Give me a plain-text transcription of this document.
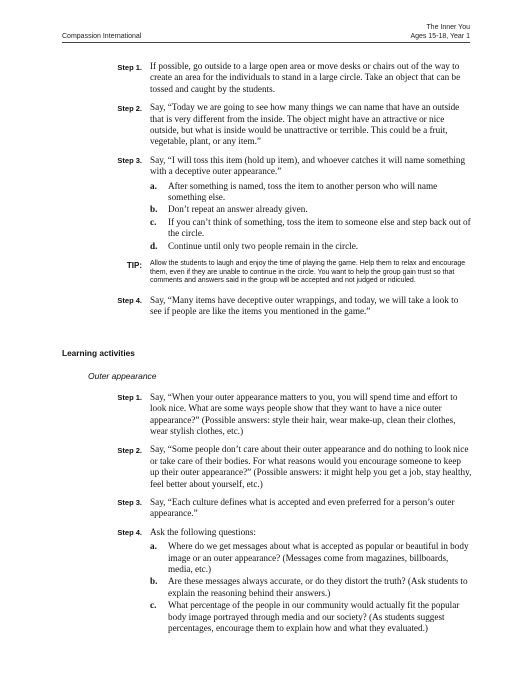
Compassion International
The Inner You
Ages 15-18, Year 1
Step 1. If possible, go outside to a large open area or move desks or chairs out of the way to create an area for the individuals to stand in a large circle. Take an object that can be tossed and caught by the students.
Step 2. Say, “Today we are going to see how many things we can name that have an outside that is very different from the inside. The object might have an attractive or nice outside, but what is inside would be unattractive or terrible. This could be a fruit, vegetable, plant, or any item.”
Step 3. Say, “I will toss this item (hold up item), and whoever catches it will name something with a deceptive outer appearance.”
a.	After something is named, toss the item to another person who will name something else.
b.	Don’t repeat an answer already given.
c.	If you can’t think of something, toss the item to someone else and step back out of the circle.
d.	Continue until only two people remain in the circle.
TIP:	Allow the students to laugh and enjoy the time of playing the game. Help them to relax and encourage them, even if they are unable to continue in the circle. You want to help the group gain trust so that comments and answers said in the group will be accepted and not judged or ridiculed.
Step 4. Say, “Many items have deceptive outer wrappings, and today, we will take a look to see if people are like the items you mentioned in the game.”
Learning activities
Outer appearance
Step 1. Say, “When your outer appearance matters to you, you will spend time and effort to look nice. What are some ways people show that they want to have a nice outer appearance?” (Possible answers: style their hair, wear make-up, clean their clothes, wear stylish clothes, etc.)
Step 2. Say, “Some people don’t care about their outer appearance and do nothing to look nice or take care of their bodies. For what reasons would you encourage someone to keep up their outer appearance?” (Possible answers: it might help you get a job, stay healthy, feel better about yourself, etc.)
Step 3. Say, “Each culture defines what is accepted and even preferred for a person’s outer appearance.”
Step 4. Ask the following questions:
a.	Where do we get messages about what is accepted as popular or beautiful in body image or an outer appearance? (Messages come from magazines, billboards, media, etc.)
b.	Are these messages always accurate, or do they distort the truth? (Ask students to explain the reasoning behind their answers.)
c.	What percentage of the people in our community would actually fit the popular body image portrayed through media and our society? (As students suggest percentages, encourage them to explain how and what they evaluated.)
